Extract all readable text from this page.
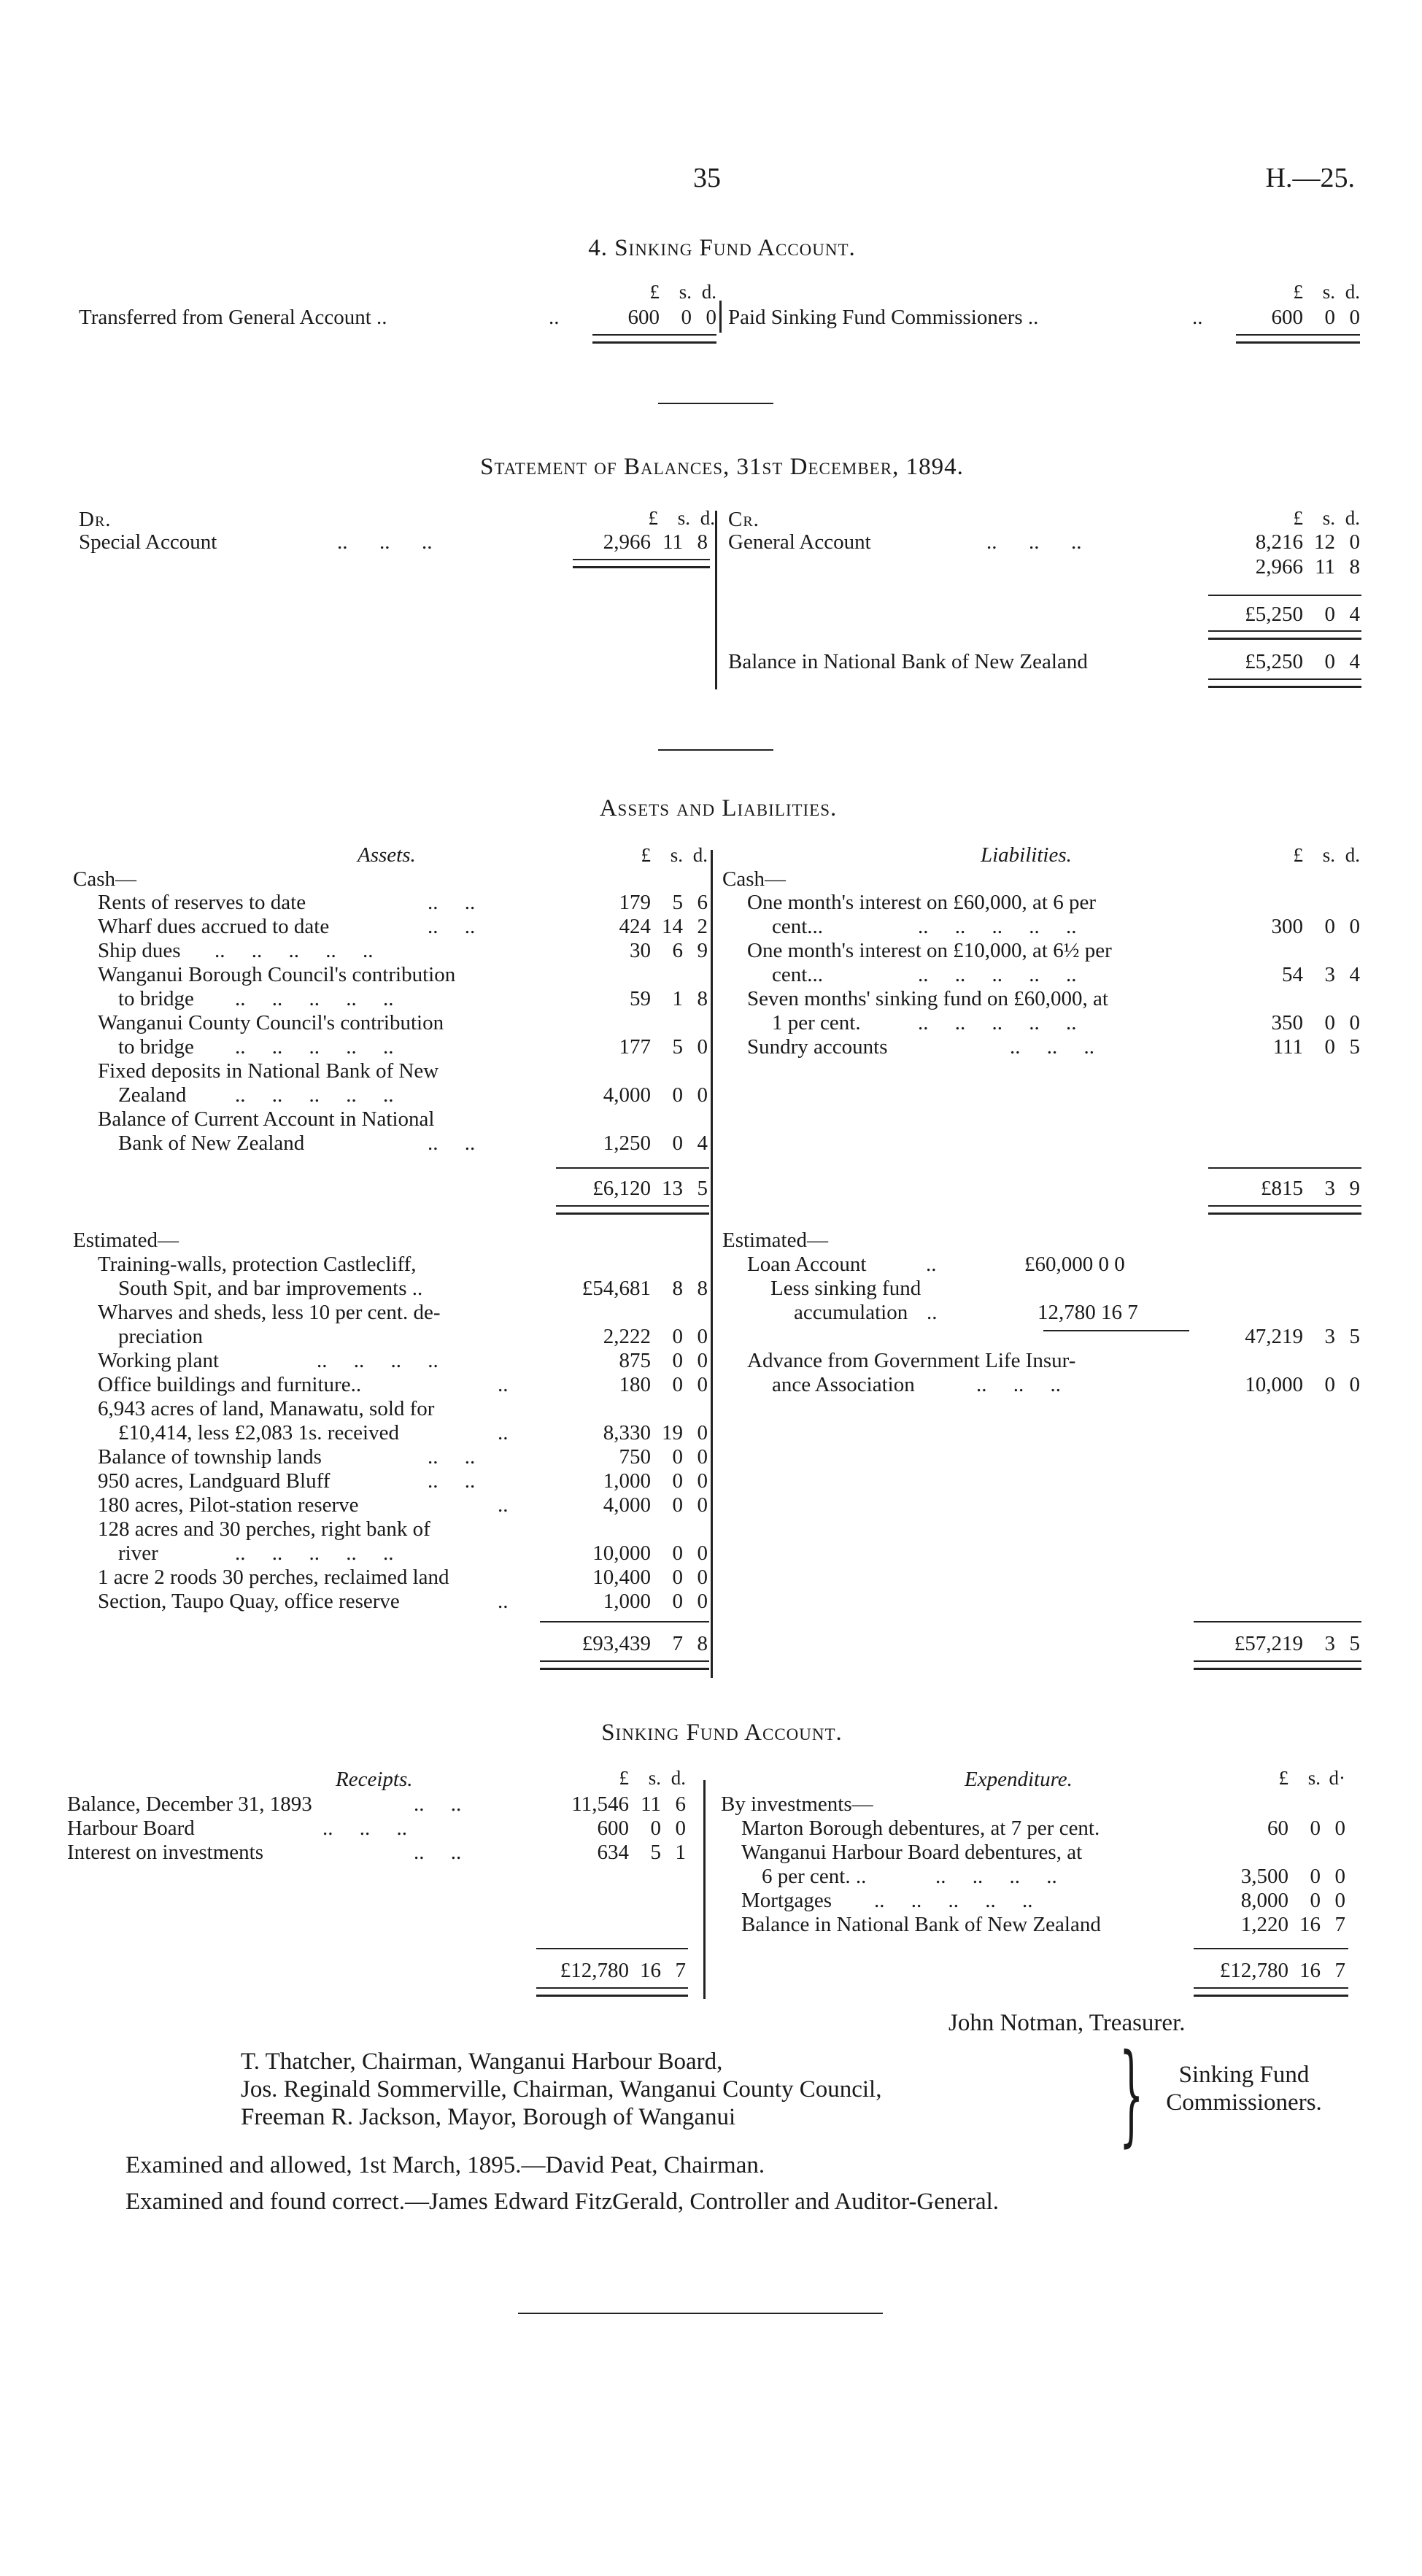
35	H.—25.
4. Sinking Fund Account.
£ s. d.	£ s. d.
Transferred from General Account ..	..	600	0 0 Paid Sinking Fund Commissioners ..	..	600	0 0
Statement of Balances, 31st December, 1894.
Dr.	£ s. d. Cr.	£ s. d.
Special Account	..      ..      ..	2,966 11 8 General Account	..      ..      ..	8,216 12 0
2,966 11 8
£5,250	0 4
Balance in National Bank of New Zealand	£5,250	0 4
Assets and Liabilities.
Assets.	£ s. d.	Liabilities.	£ s. d.
Cash—
Rents of reserves to date	..     ..	179	5 6
Wharf dues accrued to date	..     ..	424 14 2
Ship dues ..     ..     ..     ..     ..	30	6 9
Wanganui Borough Council's contribution
to bridge ..     ..     ..     ..     ..	59	1 8
Wanganui County Council's contribution
to bridge ..     ..     ..     ..     ..	177	5 0
Fixed deposits in National Bank of New
Zealand ..     ..     ..     ..     ..	4,000	0 0
Balance of Current Account in National
Bank of New Zealand	..     ..	1,250	0 4
£6,120 13 5
Cash—
One month's interest on £60,000, at 6 per
cent...	..     ..     ..     ..     ..	300	0 0
One month's interest on £10,000, at 6½ per
cent...	..     ..     ..     ..     ..	54	3 4
Seven months' sinking fund on £60,000, at
1 per cent.	..     ..     ..     ..     ..	350	0 0
Sundry accounts	..     ..     ..	111	0 5
£815	3 9
Estimated—
Training-walls, protection Castlecliff,
South Spit, and bar improvements ..	£54,681	8 8
Wharves and sheds, less 10 per cent. de-
preciation	2,222	0 0
Working plant	..     ..     ..     ..	875	0 0
Office buildings and furniture..	..	180	0 0
6,943 acres of land, Manawatu, sold for
£10,414, less £2,083 1s. received	..	8,330 19 0
Balance of township lands	..     ..	750	0 0
950 acres, Landguard Bluff	..     ..	1,000	0 0
180 acres, Pilot-station reserve	..	4,000	0 0
128 acres and 30 perches, right bank of
river	..     ..     ..     ..     ..	10,000	0 0
1 acre 2 roods 30 perches, reclaimed land	10,400	0 0
Section, Taupo Quay, office reserve	..	1,000	0 0
£93,439	7 8
Estimated—
Loan Account	..	£60,000 0 0
Less sinking fund
accumulation ..	12,780 16 7
47,219	3 5
Advance from Government Life Insur-
ance Association	..     ..     ..	10,000	0 0
£57,219	3 5
Sinking Fund Account.
Receipts.	£ s. d.	Expenditure.	£ s. d·
Balance, December 31, 1893	..     ..	11,546 11 6
Harbour Board	..     ..     ..	600	0 0
Interest on investments	..     ..	634	5 1
By investments—
Marton Borough debentures, at 7 per cent.	60	0 0
Wanganui Harbour Board debentures, at
6 per cent. ..	..     ..     ..     ..	3,500	0 0
Mortgages ..     ..     ..     ..     ..	8,000	0 0
Balance in National Bank of New Zealand	1,220 16 7
£12,780 16 7	£12,780 16 7
John Notman, Treasurer.
T. Thatcher, Chairman, Wanganui Harbour Board,
Jos. Reginald Sommerville, Chairman, Wanganui County Council,
Freeman R. Jackson, Mayor, Borough of Wanganui	}	Sinking Fund
Commissioners.
Examined and allowed, 1st March, 1895.—David Peat, Chairman.
Examined and found correct.—James Edward FitzGerald, Controller and Auditor-General.
